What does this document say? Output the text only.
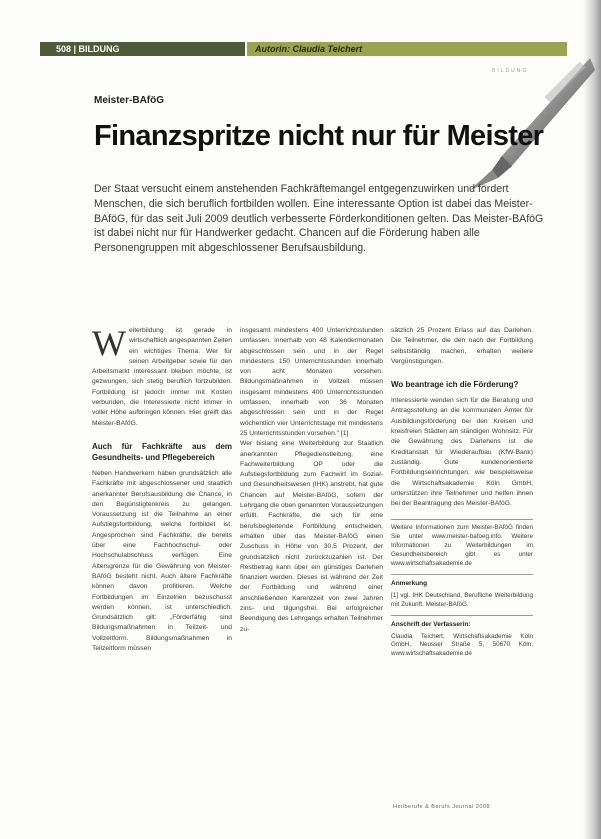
508 | BILDUNG	Autorin: Claudia Teichert
BILDUNG
Meister-BAföG
Finanzspritze nicht nur für Meister
Der Staat versucht einem anstehenden Fachkräftemangel entgegenzuwirken und fördert Menschen, die sich beruflich fortbilden wollen. Eine interessante Option ist dabei das Meister-BAföG, für das seit Juli 2009 deutlich verbesserte Förderkonditionen gelten. Das Meister-BAföG ist dabei nicht nur für Handwerker gedacht. Chancen auf die Förderung haben alle Personengruppen mit abgeschlossener Berufsausbildung.

Weiterbildung ist gerade in wirtschaftlich angespannten Zeiten ein wichtiges Thema. Wer für seinen Arbeitgeber sowie für den Arbeitsmarkt interessant bleiben möchte, ist gezwungen, sich stetig beruflich fortzubilden. Fortbildung ist jedoch immer mit Kosten verbunden, die Interessierte nicht immer in voller Höhe aufbringen können. Hier greift das Meister-BAföG.

Auch für Fachkräfte aus dem Gesundheits- und Pflegebereich

Neben Handwerkern haben grundsätzlich alle Fachkräfte mit abgeschlossener und staatlich anerkannter Berufsausbildung die Chance, in den Begünstigtenkreis zu gelangen. Voraussetzung ist die Teilnahme an einer Aufstiegsfortbildung, welche fortbildet ist. Angesprochen sind Fachkräfte, die bereits über eine Fachhochschul- oder Hochschulabschluss verfügen. Eine Altersgrenze für die Gewährung von Meister-BAföG besteht nicht. Auch ältere Fachkräfte können davon profitieren. Welche Fortbildungen im Einzelnen bezuschusst werden können, ist unterschiedlich. Grundsätzlich gilt: „Förderfähig sind Bildungsmaßnahmen in Teilzeit- und Vollzeitform. Bildungsmaßnahmen in Teilzeitform müssen

insgesamt mindestens 400 Unterrichtsstunden umfassen, innerhalb von 48 Kalendermonaten abgeschlossen sein und in der Regel mindestens 150 Unterrichtsstunden innerhalb von acht Monaten vorsehen. Bildungsmaßnahmen in Vollzeit müssen insgesamt mindestens 400 Unterrichtsstunden umfassen, innerhalb von 36 Monaten abgeschlossen sein und in der Regel wöchentlich vier Unterrichtstage mit mindestens 25 Unterrichtsstunden vorsehen." [1]

Wer bislang eine Weiterbildung zur Staatlich anerkannten Pflegedienstleitung, eine Fachweiterbildung OP oder die Aufstiegsfortbildung zum Fachwirt im Sozial- und Gesundheitswesen (IHK) anstrebt, hat gute Chancen auf Meister-BAföG, sofern der Lehrgang die oben genannten Voraussetzungen erfüllt. Fachkräfte, die sich für eine berufsbegleitende Fortbildung entscheiden, erhalten über das Meister-BAföG einen Zuschuss in Höhe von 30,5 Prozent, der grundsätzlich nicht zurückzuzahlen ist. Der Restbetrag kann über ein günstiges Darlehen finanziert werden. Dieses ist während der Zeit der Fortbildung und während einer anschließenden Karenzzeit von zwei Jahren zins- und tilgungsfrei. Bei erfolgreicher Beendigung des Lehrgangs erhalten Teilnehmer zu-

sätzlich 25 Prozent Erlass auf das Darlehen. Die Teilnehmer, die den nach der Fortbildung selbstständig machen, erhalten weitere Vergünstigungen.

Wo beantrage ich die Förderung?

Interessierte wenden sich für die Beratung und Antragsstellung an die kommunalen Ämter für Ausbildungsförderung bei den Kreisen und kreisfreien Städten am ständigen Wohnsitz. Für die Gewährung des Darlehens ist die Kreditanstalt für Wiederaufbau (KfW-Bank) zuständig. Gute kundenorientierte Fortbildungseinrichtungen, wie beispielsweise die Wirtschaftsakademie Köln GmbH, unterstützen ihre Teilnehmer und helfen ihnen bei der Beantragung des Meister-BAföG.

Weitere Informationen zum Meister-BAföG finden Sie unter www.meister-bafoeg.info. Weitere Informationen zu Weiterbildungen im Gesundheitsbereich gibt es unter www.wirtschaftsakademie.de

Anmerkung

[1] vgl. IHK Deutschland, Berufliche Weiterbildung mit Zukunft. Meister-BAföG.

Anschrift der Verfasserin:

Claudia Teichert, Wirtschaftsakademie Köln GmbH, Neusser Straße 5, 50670 Köln, www.wirtschaftsakademie.de

Heilberufe & Berufs Journal 2009
